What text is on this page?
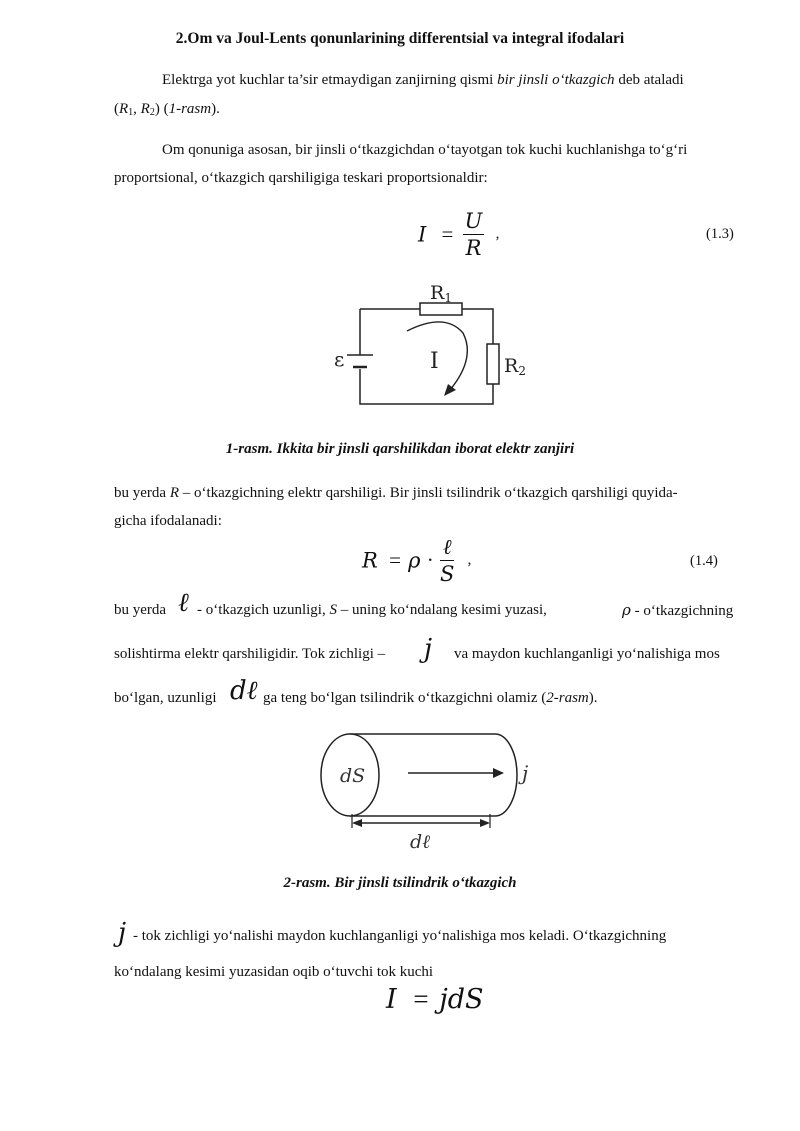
2.Om va Joul-Lents qonunlarining differentsial va integral ifodalari
Elektrga yot kuchlar ta’sir etmaydigan zanjirning qismi bir jinsli o‘tkazgich deb ataladi
($R_1$, $R_2$) (1-rasm).
Om qonuniga asosan, bir jinsli o‘tkazgichdan o‘tayotgan tok kuchi kuchlanishga to‘g‘ri
proportsional, o‘tkazgich qarshiligiga teskari proportsionaldir:
$I = \frac{U}{R}$ ,	(1.3)
R1
R2
ε	I
1-rasm. Ikkita bir jinsli qarshilikdan iborat elektr zanjiri
bu yerda R – o‘tkazgichning elektr qarshiligi. Bir jinsli tsilindrik o‘tkazgich qarshiligi quyida-
gicha ifodalanadi:
$R = \rho \cdot \frac{\text{ℓ}}{S}$ ,	(1.4)
bu yerda ℓ - o‘tkazgich uzunligi, S – uning ko‘ndalang kesimi yuzasi,	ρ - o‘tkazgichning
solishtirma elektr qarshiligidir. Tok zichligi – j va maydon kuchlanganligi yo‘nalishiga mos
bo‘lgan, uzunligi dℓ ga teng bo‘lgan tsilindrik o‘tkazgichni olamiz (2-rasm).
dS	j
dℓ
2-rasm. Bir jinsli tsilindrik o‘tkazgich
j - tok zichligi yo‘nalishi maydon kuchlanganligi yo‘nalishiga mos keladi. O‘tkazgichning
ko‘ndalang kesimi yuzasidan oqib o‘tuvchi tok kuchi
I = jdS
